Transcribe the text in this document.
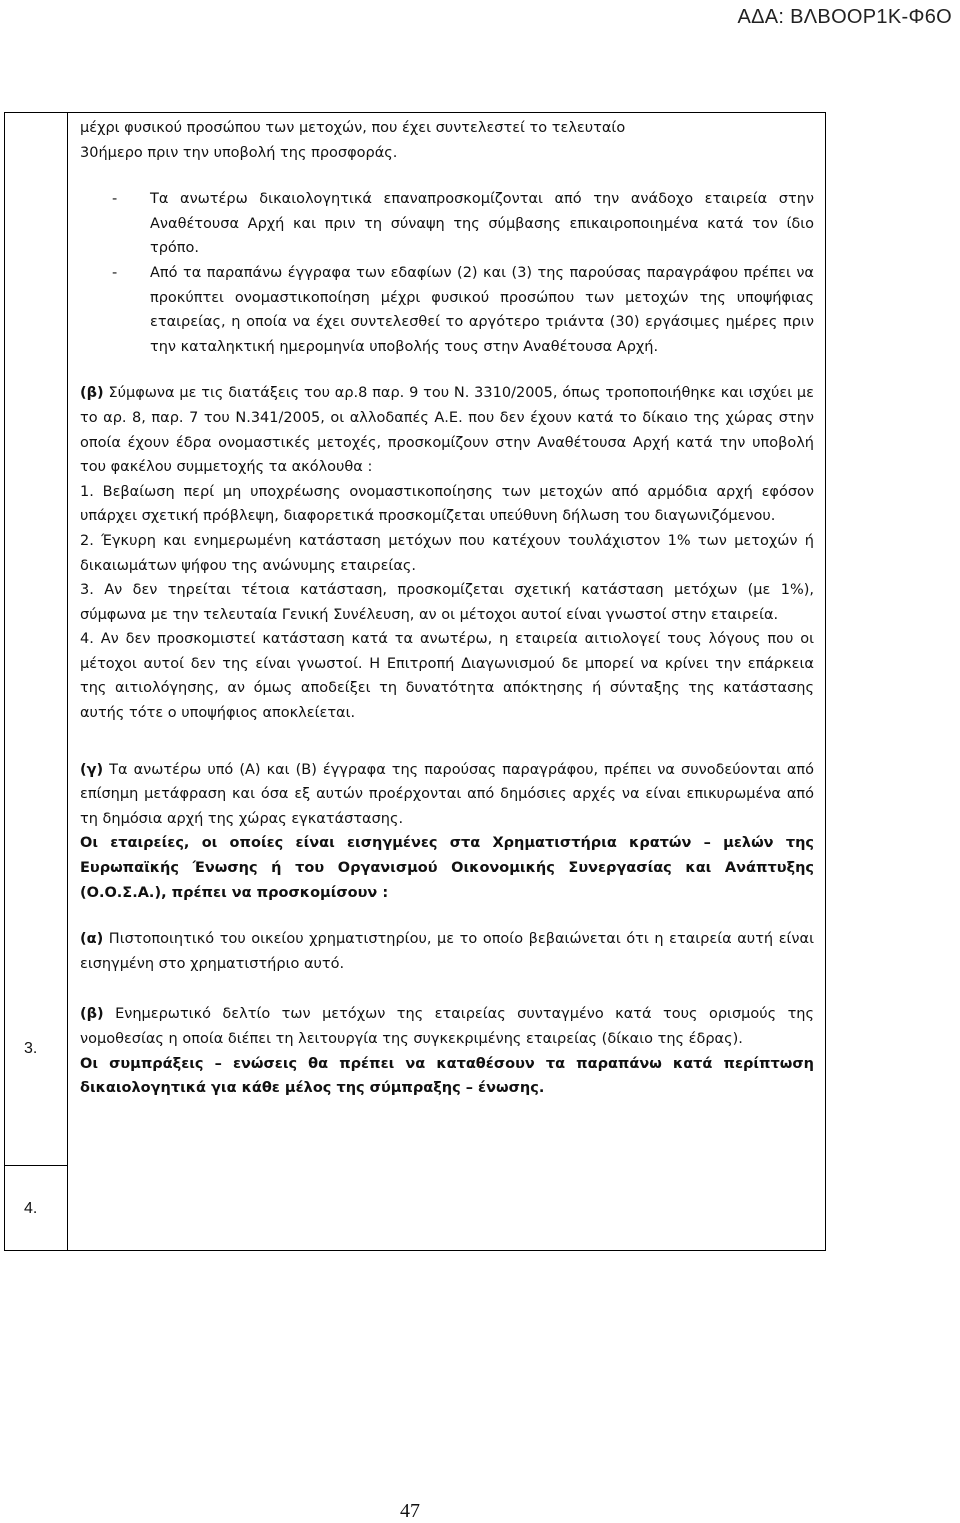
ΑΔΑ: ΒΛΒΟΟΡ1Κ-Φ6Ο
3.
4.

μέχρι φυσικού προσώπου των μετοχών, που έχει συντελεστεί το τελευταίο

30ήμερο πριν την υποβολή της προσφοράς.

-	Τα ανωτέρω δικαιολογητικά επαναπροσκομίζονται από την ανάδοχο εταιρεία στην Αναθέτουσα Αρχή και πριν τη σύναψη της σύμβασης επικαιροποιημένα κατά τον ίδιο τρόπο.
-	Από τα παραπάνω έγγραφα των εδαφίων (2) και (3) της παρούσας παραγράφου πρέπει να προκύπτει ονομαστικοποίηση μέχρι φυσικού προσώπου των μετοχών της υποψήφιας εταιρείας, η οποία να έχει συντελεσθεί το αργότερο τριάντα (30) εργάσιμες ημέρες πριν την καταληκτική ημερομηνία υποβολής τους στην Αναθέτουσα Αρχή.

(β) Σύμφωνα με τις διατάξεις του αρ.8 παρ. 9 του Ν. 3310/2005, όπως τροποποιήθηκε και ισχύει με το αρ. 8, παρ. 7 του Ν.341/2005, οι αλλοδαπές Α.Ε. που δεν έχουν κατά το δίκαιο της χώρας στην οποία έχουν έδρα ονομαστικές μετοχές, προσκομίζουν στην Αναθέτουσα Αρχή κατά την υποβολή του φακέλου συμμετοχής τα ακόλουθα :

1. Βεβαίωση περί μη υποχρέωσης ονομαστικοποίησης των μετοχών από αρμόδια αρχή εφόσον υπάρχει σχετική πρόβλεψη, διαφορετικά προσκομίζεται υπεύθυνη δήλωση του διαγωνιζόμενου.

2. Έγκυρη και ενημερωμένη κατάσταση μετόχων που κατέχουν τουλάχιστον 1% των μετοχών ή δικαιωμάτων ψήφου της ανώνυμης εταιρείας.

3. Αν δεν τηρείται τέτοια κατάσταση, προσκομίζεται σχετική κατάσταση μετόχων (με 1%), σύμφωνα με την τελευταία Γενική Συνέλευση, αν οι μέτοχοι αυτοί είναι γνωστοί στην εταιρεία.

4. Αν δεν προσκομιστεί κατάσταση κατά τα ανωτέρω, η εταιρεία αιτιολογεί τους λόγους που οι μέτοχοι αυτοί δεν της είναι γνωστοί. Η Επιτροπή Διαγωνισμού δε μπορεί να κρίνει την επάρκεια της αιτιολόγησης, αν όμως αποδείξει τη δυνατότητα απόκτησης ή σύνταξης της κατάστασης αυτής τότε ο υποψήφιος αποκλείεται.

(γ) Τα ανωτέρω υπό (Α) και (Β) έγγραφα της παρούσας παραγράφου, πρέπει να συνοδεύονται από επίσημη μετάφραση και όσα εξ αυτών προέρχονται από δημόσιες αρχές να είναι επικυρωμένα από τη δημόσια αρχή της χώρας εγκατάστασης.

Οι εταιρείες, οι οποίες είναι εισηγμένες στα Χρηματιστήρια κρατών – μελών της Ευρωπαϊκής Ένωσης ή του Οργανισμού Οικονομικής Συνεργασίας και Ανάπτυξης (Ο.Ο.Σ.Α.), πρέπει να προσκομίσουν :

(α) Πιστοποιητικό του οικείου χρηματιστηρίου, με το οποίο βεβαιώνεται ότι η εταιρεία αυτή είναι εισηγμένη στο χρηματιστήριο αυτό.

(β) Ενημερωτικό δελτίο των μετόχων της εταιρείας συνταγμένο κατά τους ορισμούς της νομοθεσίας η οποία διέπει τη λειτουργία της συγκεκριμένης εταιρείας (δίκαιο της έδρας).

Οι συμπράξεις – ενώσεις θα πρέπει να καταθέσουν τα παραπάνω κατά περίπτωση δικαιολογητικά για κάθε μέλος της σύμπραξης – ένωσης.

47
